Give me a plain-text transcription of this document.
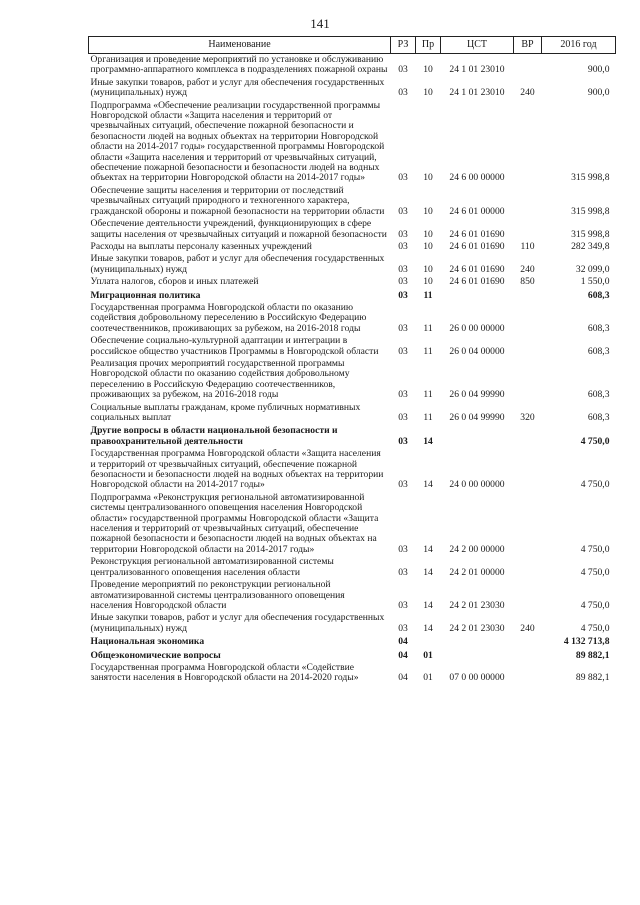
141
Наименование	РЗ	Пр	ЦСТ	ВР	2016 год
Организация и проведение мероприятий по установке и обслуживанию программно-аппаратного комплекса в подразделениях пожарной охраны	03	10	24 1 01 23010		900,0
Иные закупки товаров, работ и услуг для обеспечения государственных (муниципальных) нужд	03	10	24 1 01 23010	240	900,0
Подпрограмма «Обеспечение реализации государственной программы Новгородской области «Защита населения и территорий от чрезвычайных ситуаций, обеспечение пожарной безопасности и безопасности людей на водных объектах на территории Новгородской области на 2014-2017 годы» государственной программы Новгородской области «Защита населения и территорий от чрезвычайных ситуаций, обеспечение пожарной безопасности и безопасности людей на водных объектах на территории Новгородской области на 2014-2017 годы»	03	10	24 6 00 00000		315 998,8
Обеспечение защиты населения и территории от последствий чрезвычайных ситуаций природного и техногенного характера, гражданской обороны и пожарной безопасности на территории области	03	10	24 6 01 00000		315 998,8
Обеспечение деятельности учреждений, функционирующих в сфере защиты населения от чрезвычайных ситуаций и пожарной безопасности	03	10	24 6 01 01690		315 998,8
Расходы на выплаты персоналу казенных учреждений	03	10	24 6 01 01690	110	282 349,8
Иные закупки товаров, работ и услуг для обеспечения государственных (муниципальных) нужд	03	10	24 6 01 01690	240	32 099,0
Уплата налогов, сборов и иных платежей	03	10	24 6 01 01690	850	1 550,0
Миграционная политика	03	11			608,3
Государственная программа Новгородской области по оказанию содействия добровольному переселению в Российскую Федерацию соотечественников, проживающих за рубежом, на 2016-2018 годы	03	11	26 0 00 00000		608,3
Обеспечение социально-культурной адаптации и интеграции в российское общество участников Программы в Новгородской области	03	11	26 0 04 00000		608,3
Реализация прочих мероприятий государственной программы Новгородской области по оказанию содействия добровольному переселению в Российскую Федерацию соотечественников, проживающих за рубежом, на 2016-2018 годы	03	11	26 0 04 99990		608,3
Социальные выплаты гражданам, кроме публичных нормативных социальных выплат	03	11	26 0 04 99990	320	608,3
Другие вопросы в области национальной безопасности и правоохранительной деятельности	03	14			4 750,0
Государственная программа Новгородской области «Защита населения и территорий от чрезвычайных ситуаций, обеспечение пожарной безопасности и безопасности людей на водных объектах на территории Новгородской области на 2014-2017 годы»	03	14	24 0 00 00000		4 750,0
Подпрограмма «Реконструкция региональной автоматизированной системы централизованного оповещения населения Новгородской области» государственной программы Новгородской области «Защита населения и территорий от чрезвычайных ситуаций, обеспечение пожарной безопасности и безопасности людей на водных объектах на территории Новгородской области на 2014-2017 годы»	03	14	24 2 00 00000		4 750,0
Реконструкция региональной автоматизированной системы централизованного оповещения населения области	03	14	24 2 01 00000		4 750,0
Проведение мероприятий по реконструкции региональной автоматизированной системы централизованного оповещения населения Новгородской области	03	14	24 2 01 23030		4 750,0
Иные закупки товаров, работ и услуг для обеспечения государственных (муниципальных) нужд	03	14	24 2 01 23030	240	4 750,0
Национальная экономика	04				4 132 713,8
Общеэкономические вопросы	04	01			89 882,1
Государственная программа Новгородской области «Содействие занятости населения в Новгородской области на 2014-2020 годы»	04	01	07 0 00 00000		89 882,1
